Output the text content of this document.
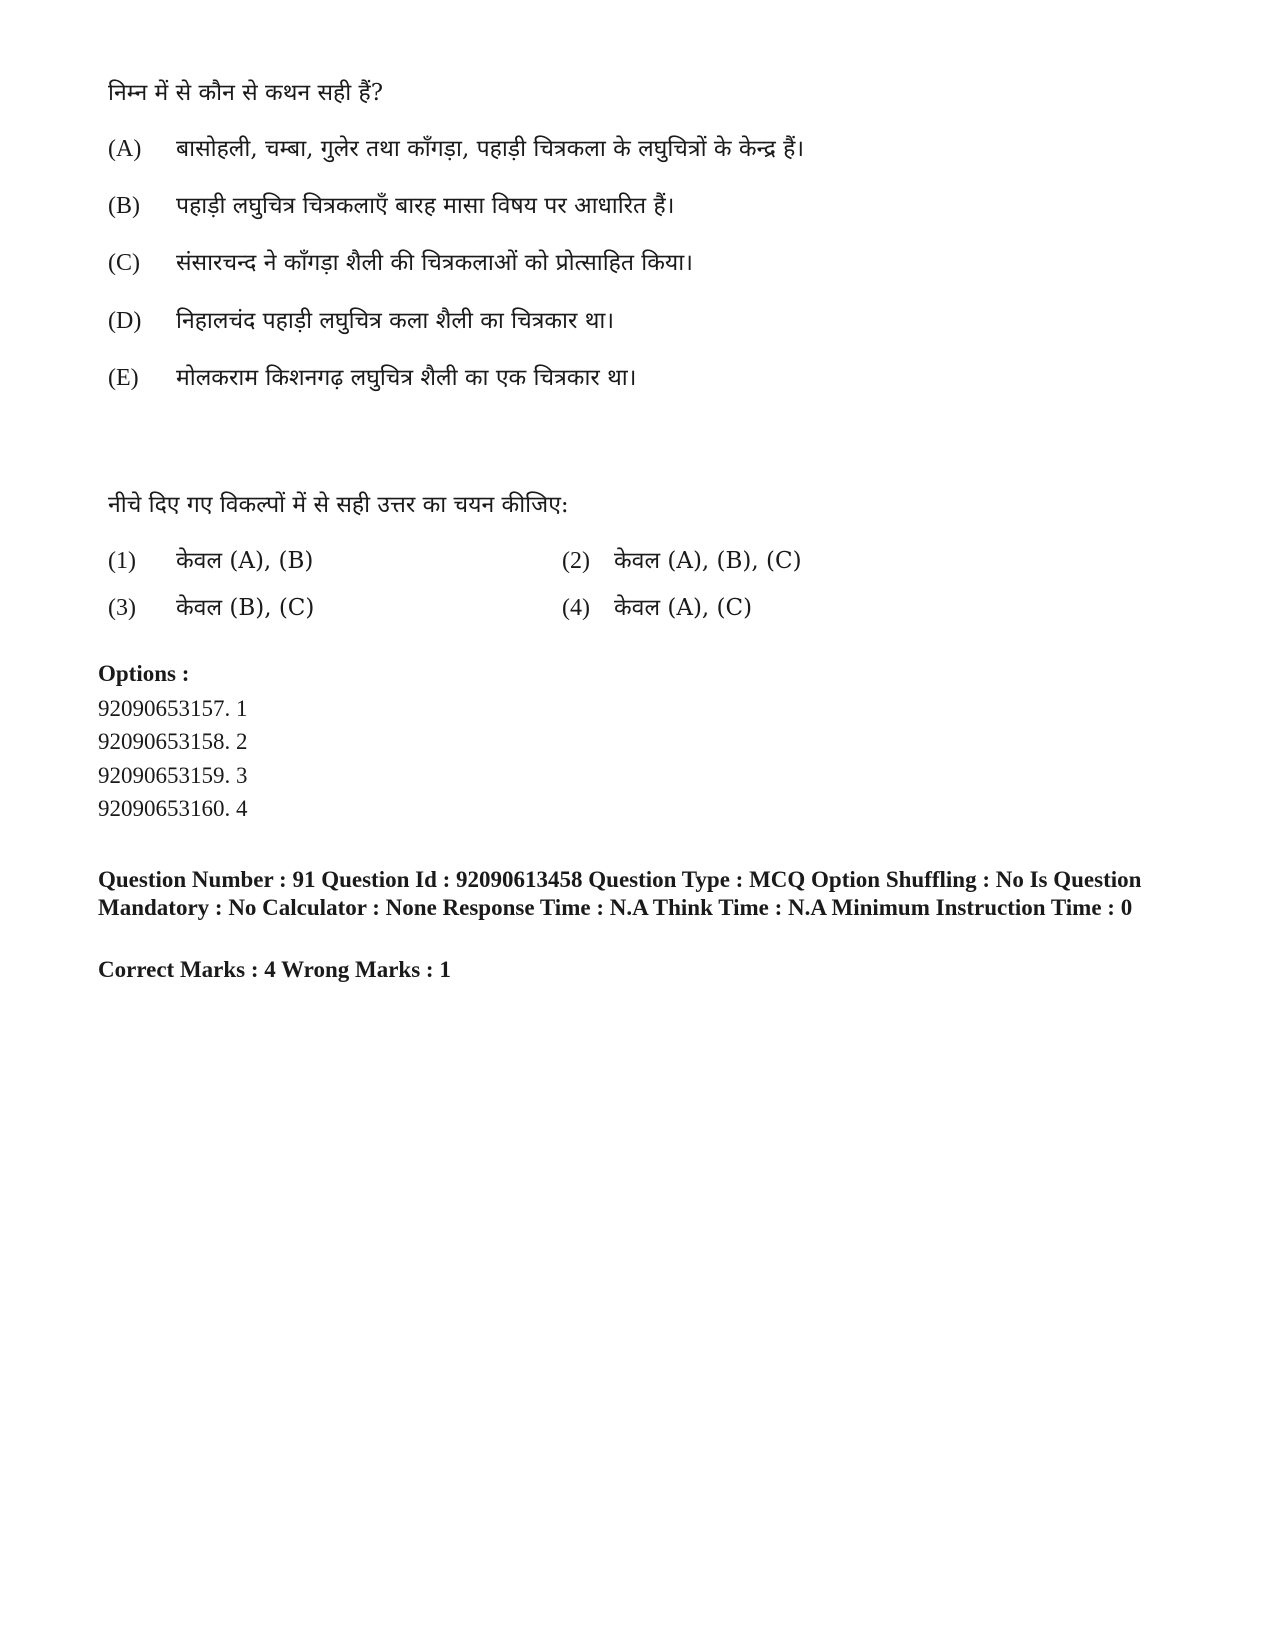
निम्न में से कौन से कथन सही हैं?
(A) बासोहली, चम्बा, गुलेर तथा काँगड़ा, पहाड़ी चित्रकला के लघुचित्रों के केन्द्र हैं।
(B) पहाड़ी लघुचित्र चित्रकलाएँ बारह मासा विषय पर आधारित हैं।
(C) संसारचन्द ने काँगड़ा शैली की चित्रकलाओं को प्रोत्साहित किया।
(D) निहालचंद पहाड़ी लघुचित्र कला शैली का चित्रकार था।
(E) मोलकराम किशनगढ़ लघुचित्र शैली का एक चित्रकार था।
नीचे दिए गए विकल्पों में से सही उत्तर का चयन कीजिए:
(1) केवल (A), (B)	(2) केवल (A), (B), (C)
(3) केवल (B), (C)	(4) केवल (A), (C)
Options :
92090653157. 1
92090653158. 2
92090653159. 3
92090653160. 4
Question Number : 91 Question Id : 92090613458 Question Type : MCQ Option Shuffling : No Is Question Mandatory : No Calculator : None Response Time : N.A Think Time : N.A Minimum Instruction Time : 0
Correct Marks : 4 Wrong Marks : 1
